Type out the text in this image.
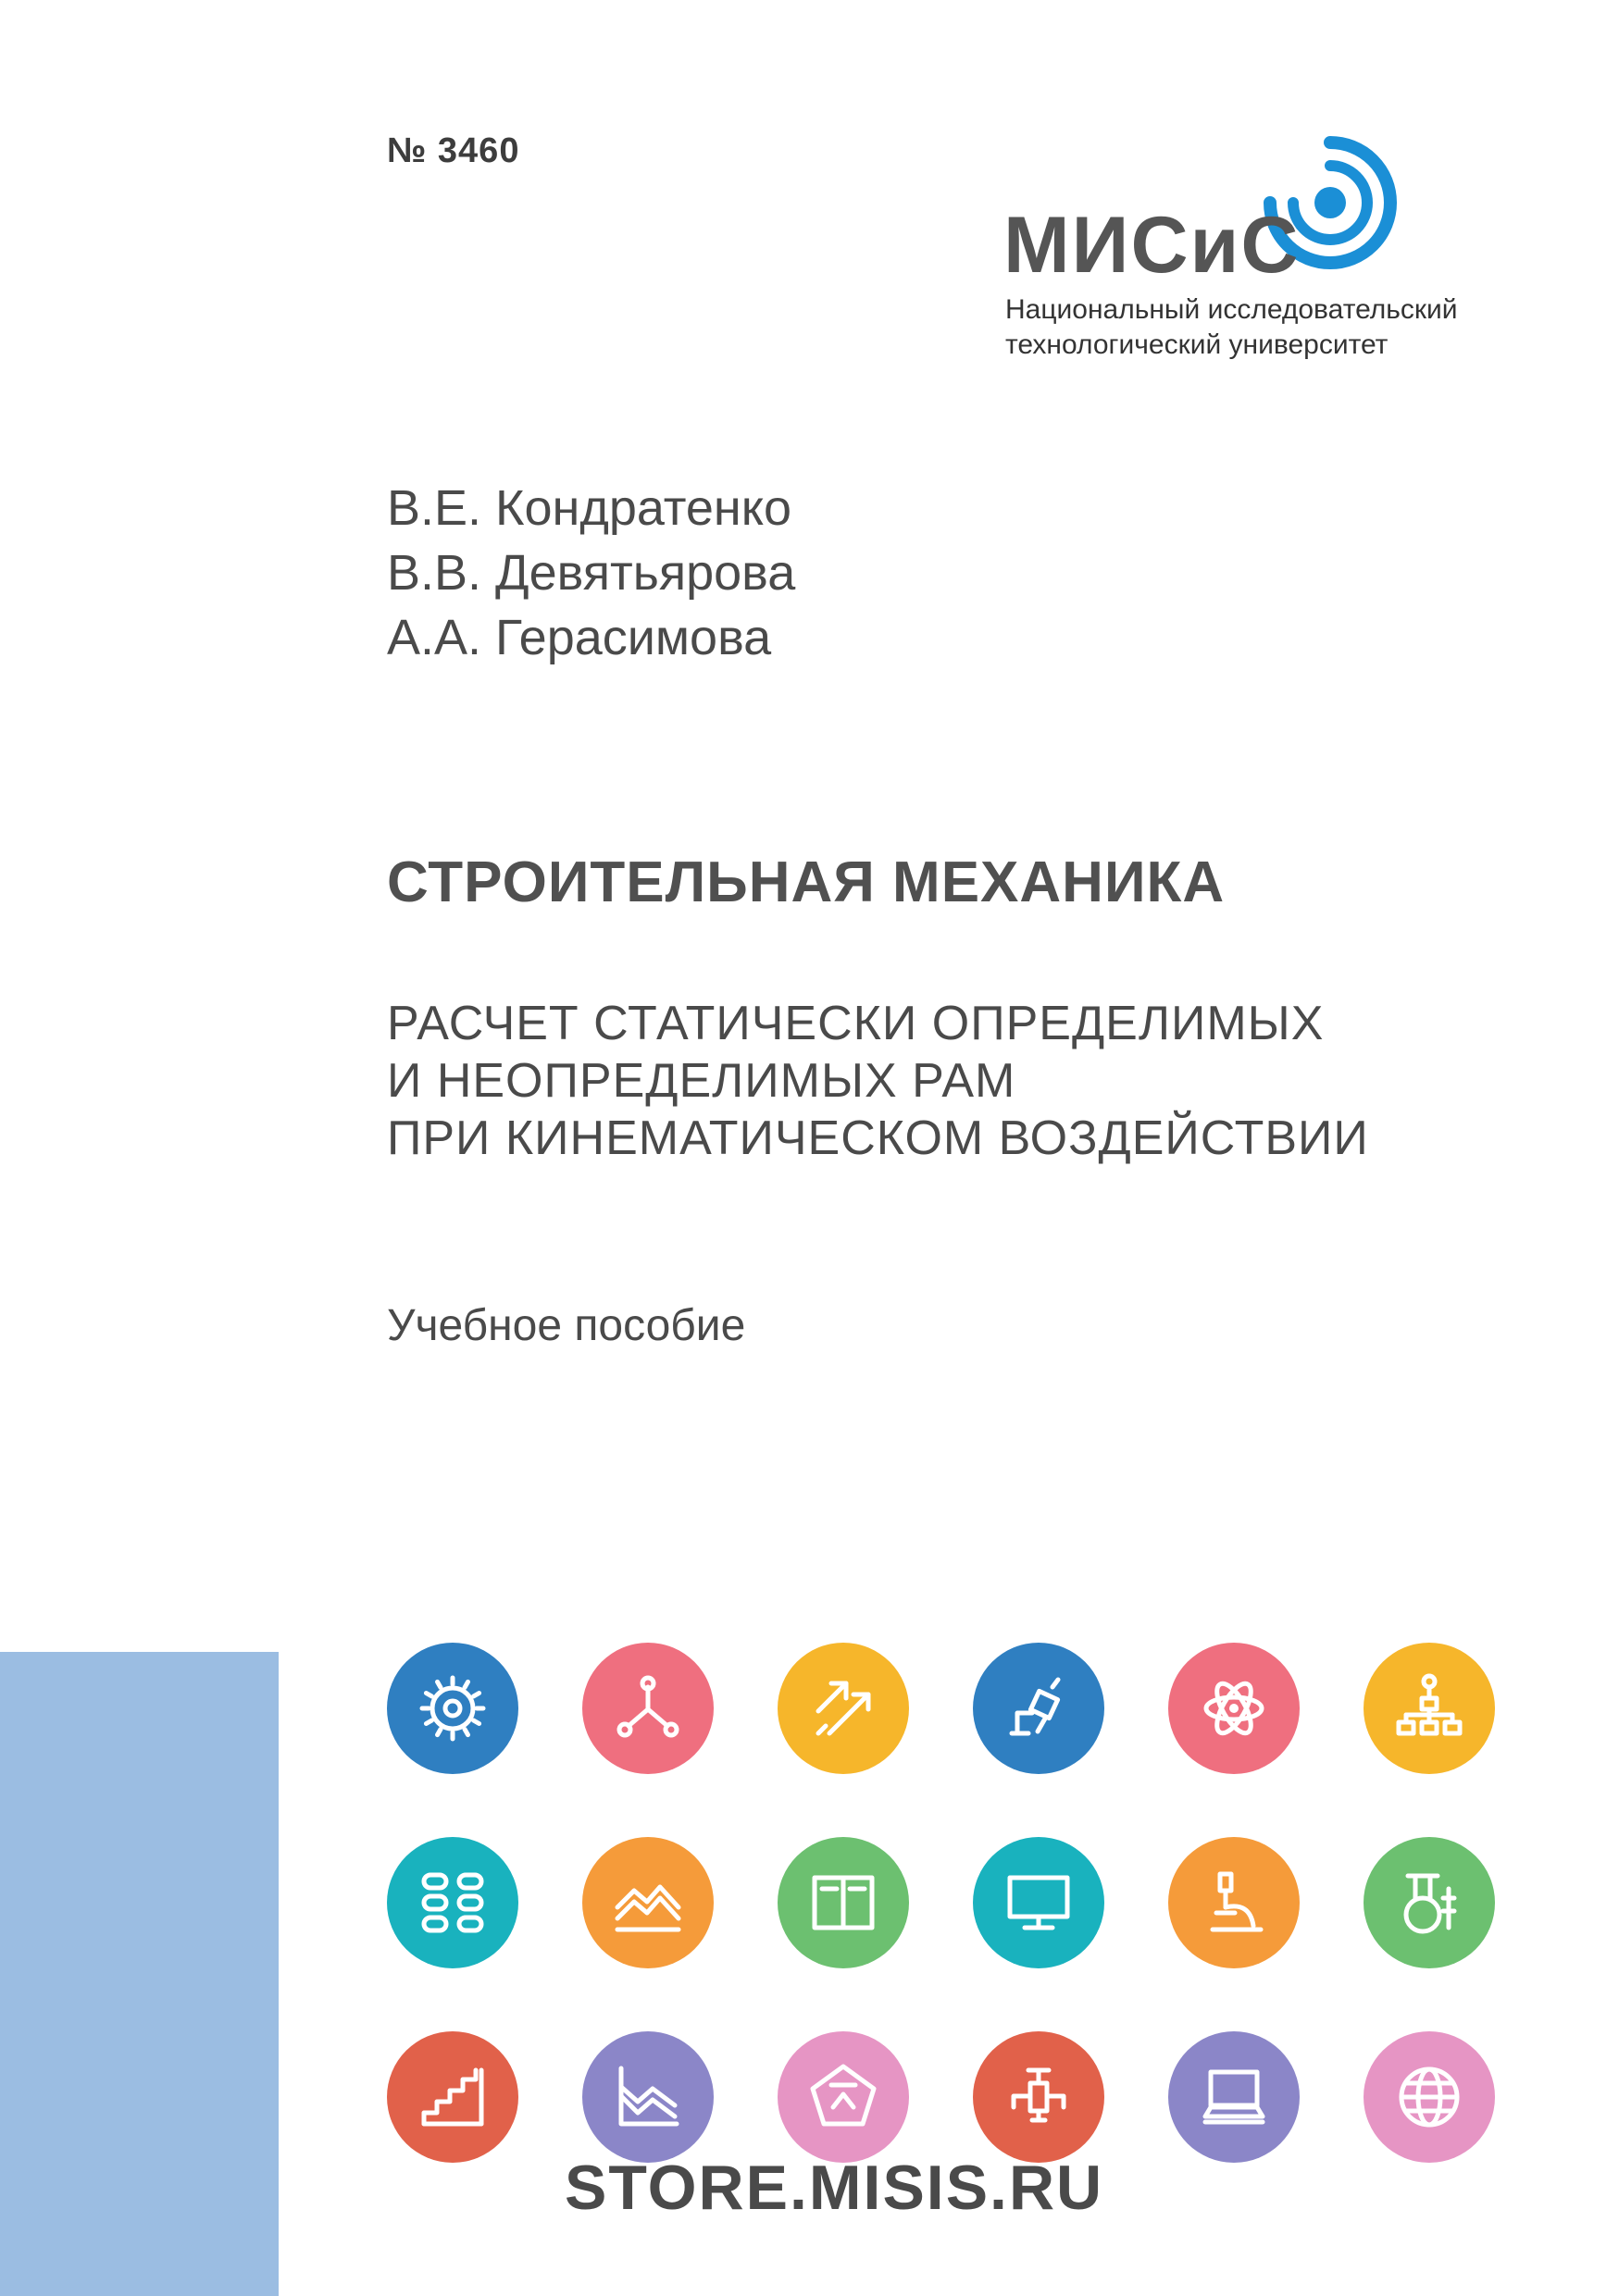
№ 3460
МИСиС
Национальный исследовательский
технологический университет
В.Е. Кондратенко
В.В. Девятьярова
А.А. Герасимова
СТРОИТЕЛЬНАЯ МЕХАНИКА
РАСЧЕТ СТАТИЧЕСКИ ОПРЕДЕЛИМЫХ
И НЕОПРЕДЕЛИМЫХ РАМ
ПРИ КИНЕМАТИЧЕСКОМ ВОЗДЕЙСТВИИ
Учебное пособие
STORE.MISIS.RU
